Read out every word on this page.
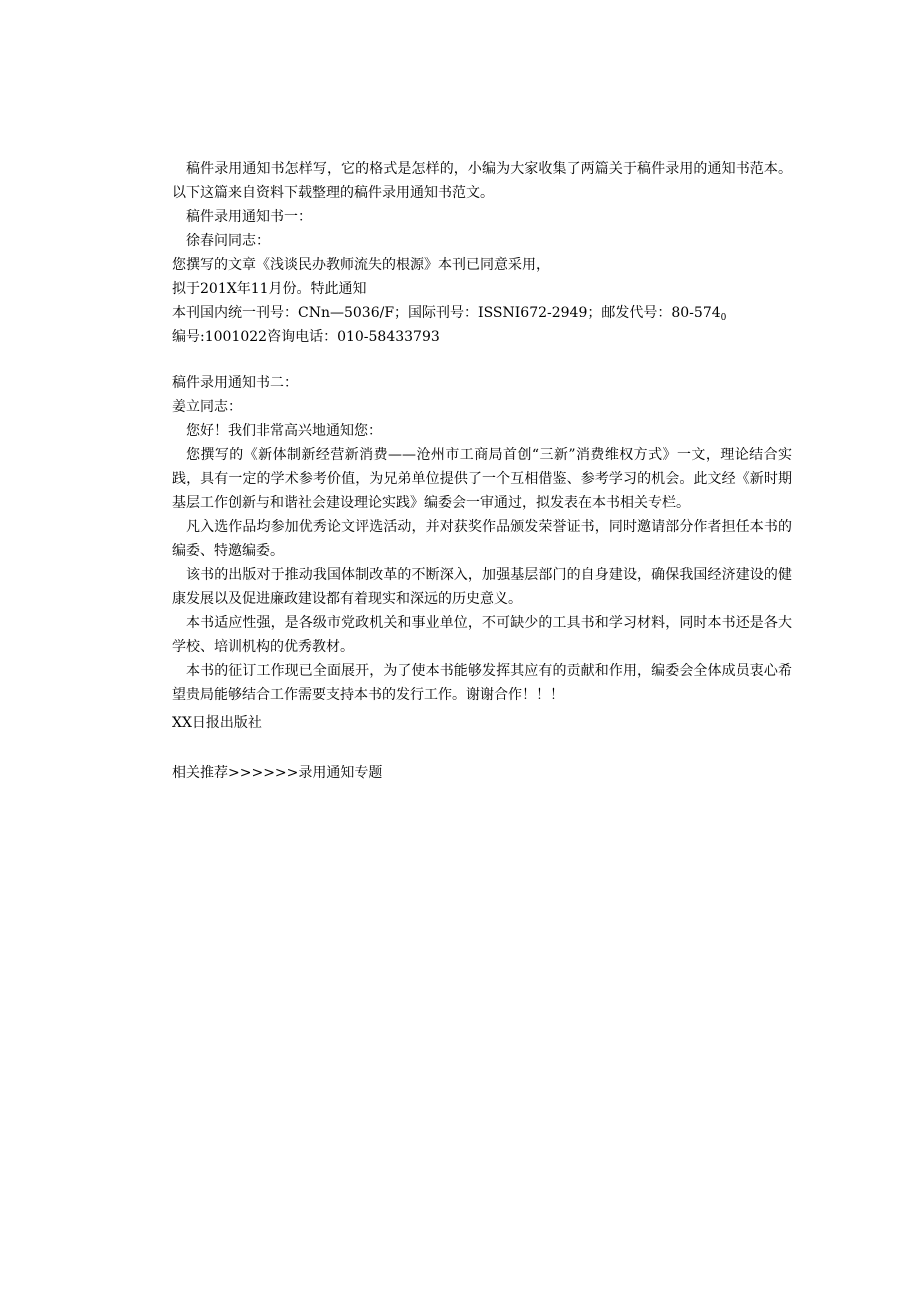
稿件录用通知书怎样写，它的格式是怎样的，小编为大家收集了两篇关于稿件录用的通知书范本。以下这篇来自资料下载整理的稿件录用通知书范文。

稿件录用通知书一：

徐春问同志：

您撰写的文章《浅谈民办教师流失的根源》本刊已同意采用，

拟于201X年11月份。特此通知

本刊国内统一刊号：CNn—5036/F；国际刊号：ISSNI672-2949；邮发代号：$80-574_0$

编号:1001022咨询电话：010-58433793

稿件录用通知书二：

姜立同志：

您好！我们非常高兴地通知您：

您撰写的《新体制新经营新消费——沧州市工商局首创“三新”消费维权方式》一文，理论结合实践，具有一定的学术参考价值，为兄弟单位提供了一个互相借鉴、参考学习的机会。此文经《新时期基层工作创新与和谐社会建设理论实践》编委会一审通过，拟发表在本书相关专栏。

凡入选作品均参加优秀论文评选活动，并对获奖作品颁发荣誉证书，同时邀请部分作者担任本书的编委、特邀编委。

该书的出版对于推动我国体制改革的不断深入，加强基层部门的自身建设，确保我国经济建设的健康发展以及促进廉政建设都有着现实和深远的历史意义。

本书适应性强，是各级市党政机关和事业单位，不可缺少的工具书和学习材料，同时本书还是各大学校、培训机构的优秀教材。

本书的征订工作现已全面展开，为了使本书能够发挥其应有的贡献和作用，编委会全体成员衷心希望贵局能够结合工作需要支持本书的发行工作。谢谢合作！！！

XX日报出版社

相关推荐>>>>>>录用通知专题
